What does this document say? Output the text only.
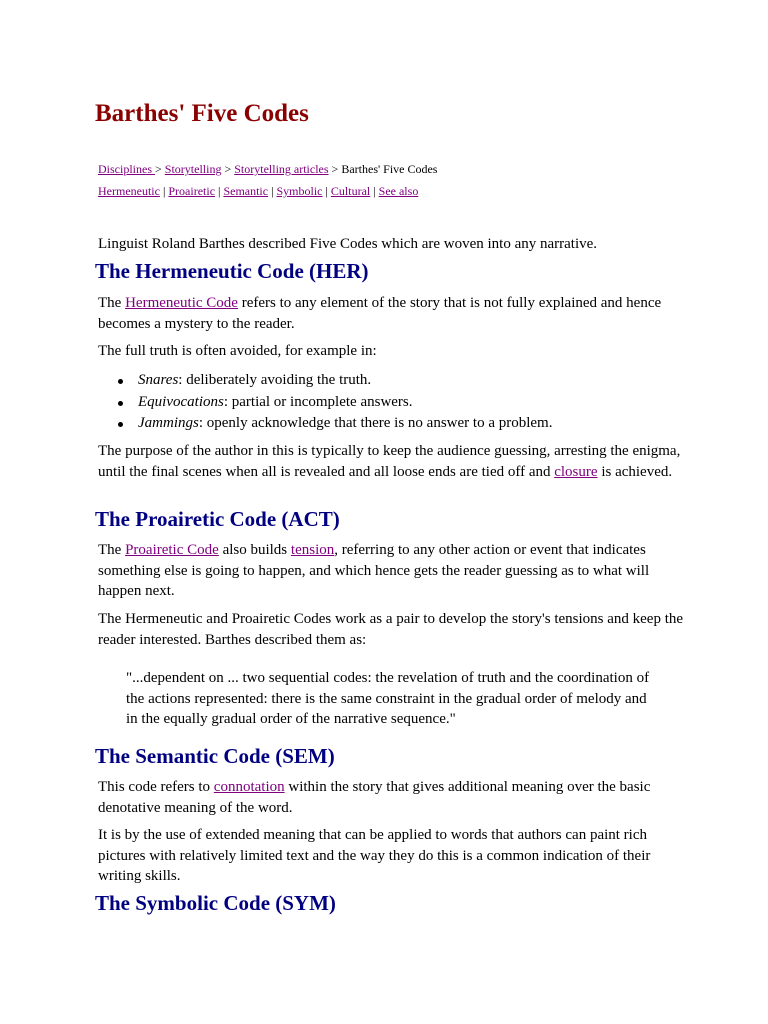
Barthes' Five Codes
Disciplines > Storytelling > Storytelling articles > Barthes' Five Codes
Hermeneutic | Proairetic | Semantic | Symbolic | Cultural | See also

Linguist Roland Barthes described Five Codes which are woven into any narrative.

The Hermeneutic Code (HER)

The Hermeneutic Code refers to any element of the story that is not fully explained and hence becomes a mystery to the reader.

The full truth is often avoided, for example in:

Snares: deliberately avoiding the truth.
Equivocations: partial or incomplete answers.
Jammings: openly acknowledge that there is no answer to a problem.

The purpose of the author in this is typically to keep the audience guessing, arresting the enigma, until the final scenes when all is revealed and all loose ends are tied off and closure is achieved.

The Proairetic Code (ACT)

The Proairetic Code also builds tension, referring to any other action or event that indicates something else is going to happen, and which hence gets the reader guessing as to what will happen next.

The Hermeneutic and Proairetic Codes work as a pair to develop the story's tensions and keep the reader interested. Barthes described them as:

"...dependent on ... two sequential codes: the revelation of truth and the coordination of the actions represented: there is the same constraint in the gradual order of melody and in the equally gradual order of the narrative sequence."

The Semantic Code (SEM)

This code refers to connotation within the story that gives additional meaning over the basic denotative meaning of the word.

It is by the use of extended meaning that can be applied to words that authors can paint rich pictures with relatively limited text and the way they do this is a common indication of their writing skills.

The Symbolic Code (SYM)
